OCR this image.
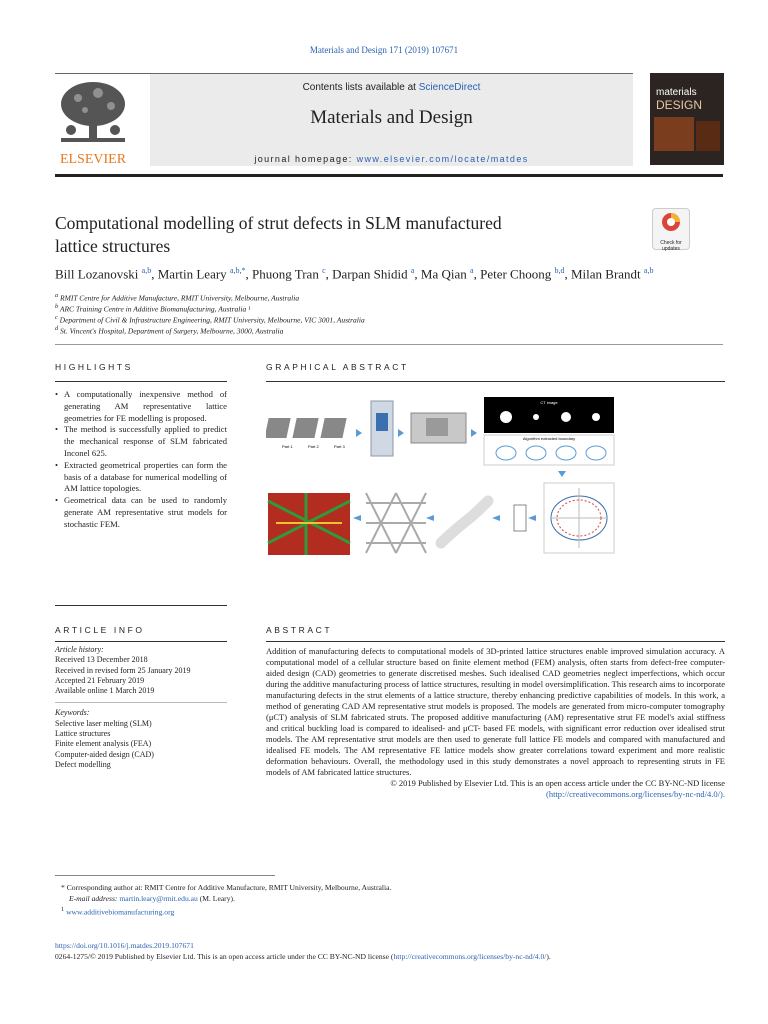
Materials and Design 171 (2019) 107671
ELSEVIER
Contents lists available at ScienceDirect
Materials and Design
journal homepage: www.elsevier.com/locate/matdes
materials
DESIGN
Computational modelling of strut defects in SLM manufactured
lattice structures	Check for updates
Bill Lozanovski $^{a,b}$, Martin Leary $^{a,b,*}$, Phuong Tran $^c$, Darpan Shidid $^a$, Ma Qian $^a$, Peter Choong $^{b,d}$, Milan Brandt $^{a,b}$
$^a$ RMIT Centre for Additive Manufacture, RMIT University, Melbourne, Australia
$^b$ ARC Training Centre in Additive Biomanufacturing, Australia ¹
$^c$ Department of Civil & Infrastructure Engineering, RMIT University, Melbourne, VIC 3001, Australia
$^d$ St. Vincent's Hospital, Department of Surgery, Melbourne, 3000, Australia
HIGHLIGHTS
• A computationally inexpensive method of generating AM representative lattice geometries for FE modelling is proposed.
• The method is successfully applied to predict the mechanical response of SLM fabricated Inconel 625.
• Extracted geometrical properties can form the basis of a database for numerical modelling of AM lattice topologies.
• Geometrical data can be used to randomly generate AM representative strut models for stochastic FEM.
GRAPHICAL ABSTRACT
Part 1	Part 2	Part 3
CT image
Algorithm extracted boundary
ARTICLE INFO
Article history:
Received 13 December 2018
Received in revised form 25 January 2019
Accepted 21 February 2019
Available online 1 March 2019
Keywords:
Selective laser melting (SLM)
Lattice structures
Finite element analysis (FEA)
Computer-aided design (CAD)
Defect modelling
ABSTRACT
Addition of manufacturing defects to computational models of 3D-printed lattice structures enable improved simulation accuracy. A computational model of a cellular structure based on finite element method (FEM) analysis, often starts from defect-free computer-aided design (CAD) geometries to generate discretised meshes. Such idealised CAD geometries neglect imperfections, which occur during the additive manufacturing process of lattice structures, resulting in model oversimplification. This research aims to incorporate manufacturing defects in the strut elements of a lattice structure, thereby enhancing predictive capabilities of models. In this work, a method of generating CAD AM representative strut models is proposed. The models are generated from micro-computer tomography (μCT) analysis of SLM fabricated struts. The proposed additive manufacturing (AM) representative strut FE model's axial stiffness and critical buckling load is compared to idealised- and μCT- based FE models, with significant error reduction over idealised strut models. The AM representative strut models are then used to generate full lattice FE models and compared with manufactured and idealised FE models. The AM representative FE lattice models show greater correlations toward experiment and more realistic deformation behaviours. Overall, the methodology used in this study demonstrates a novel approach to representing struts in FE models of AM fabricated lattice structures.
© 2019 Published by Elsevier Ltd. This is an open access article under the CC BY-NC-ND license
(http://creativecommons.org/licenses/by-nc-nd/4.0/).
* Corresponding author at: RMIT Centre for Additive Manufacture, RMIT University, Melbourne, Australia.
E-mail address: martin.leary@rmit.edu.au (M. Leary).
$^1$ www.additivebiomanufacturing.org
https://doi.org/10.1016/j.matdes.2019.107671
0264-1275/© 2019 Published by Elsevier Ltd. This is an open access article under the CC BY-NC-ND license (http://creativecommons.org/licenses/by-nc-nd/4.0/).
